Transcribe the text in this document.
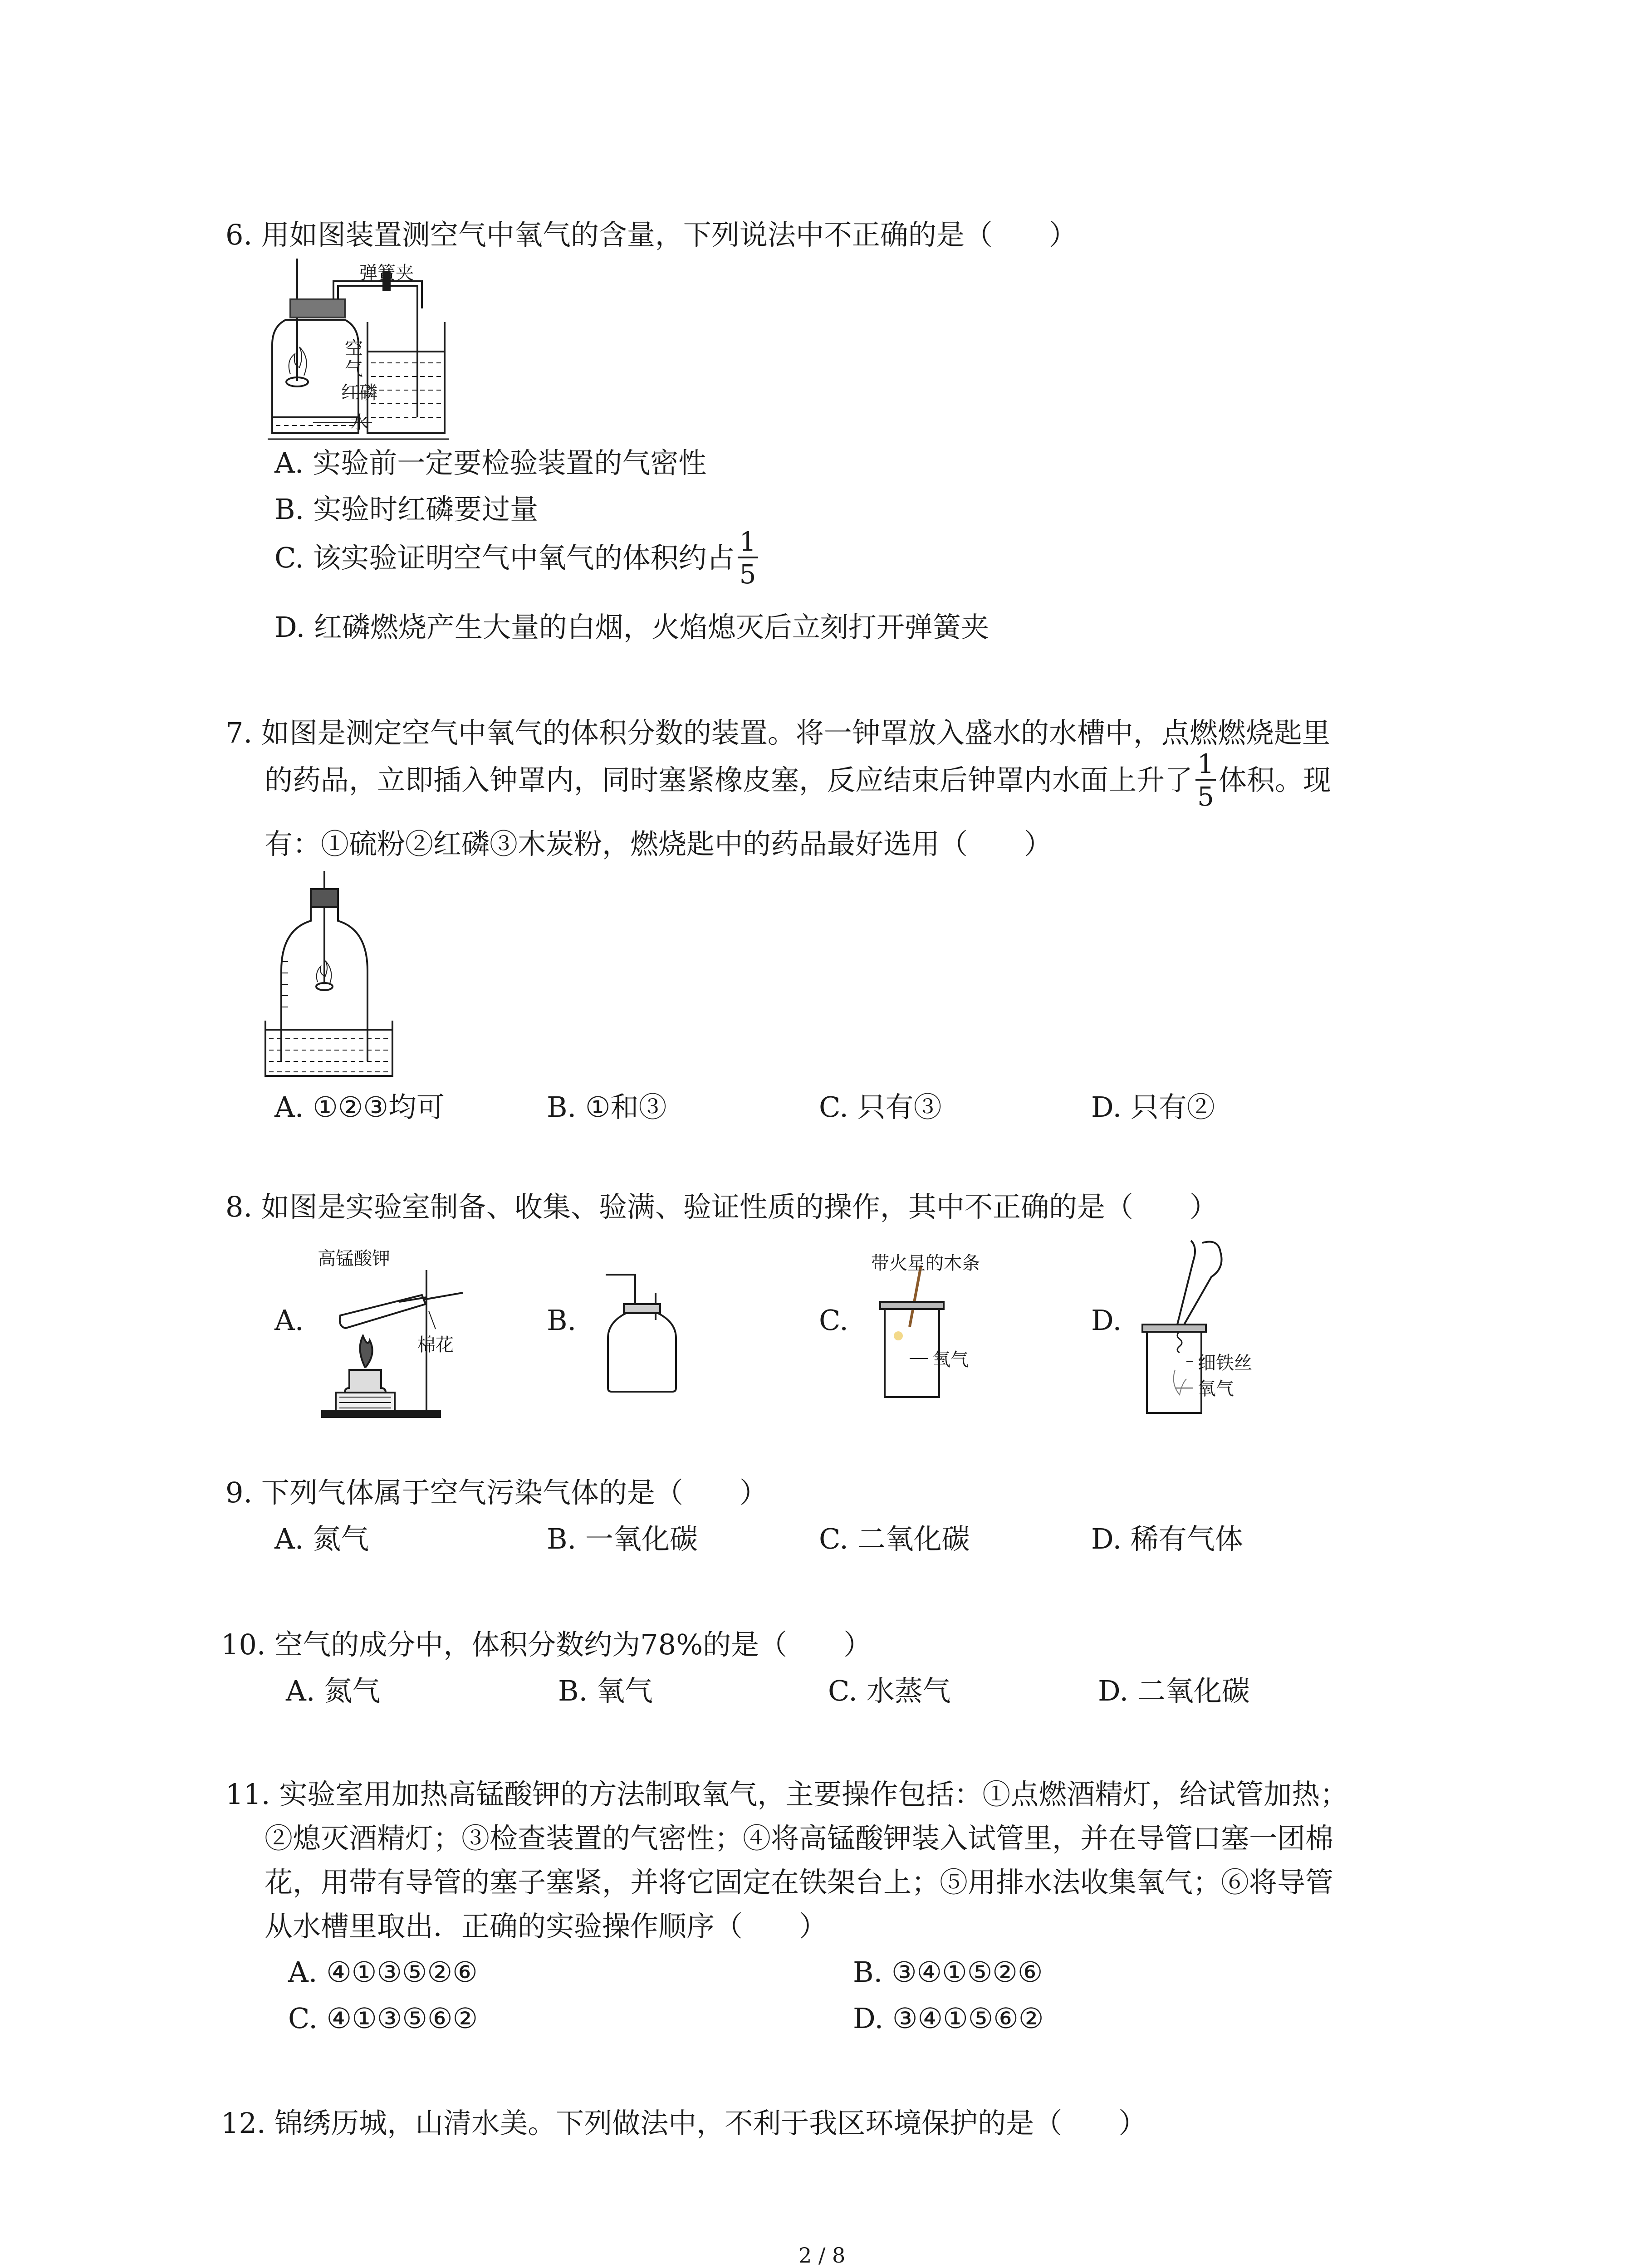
6. 用如图装置测空气中氧气的含量，下列说法中不正确的是（　　）
弹簧夹
空
气
红磷
水
A. 实验前一定要检验装置的气密性
B. 实验时红磷要过量
C. 该实验证明空气中氧气的体积约占 $\frac{1}{5}$
D. 红磷燃烧产生大量的白烟，火焰熄灭后立刻打开弹簧夹
7. 如图是测定空气中氧气的体积分数的装置。将一钟罩放入盛水的水槽中，点燃燃烧匙里
的药品，立即插入钟罩内，同时塞紧橡皮塞，反应结束后钟罩内水面上升了 $\frac{1}{5}$ 体积。现
有：①硫粉②红磷③木炭粉，燃烧匙中的药品最好选用（　　）
A. ①②③均可	B. ①和③	C. 只有③	D. 只有②
8. 如图是实验室制备、收集、验满、验证性质的操作，其中不正确的是（　　）
A.
高锰酸钾
棉花
B.	C.
带火星的木条
氧气
D.
细铁丝
氧气
9. 下列气体属于空气污染气体的是（　　）
A. 氮气	B. 一氧化碳	C. 二氧化碳	D. 稀有气体
10. 空气的成分中，体积分数约为78%的是（　　）
A. 氮气	B. 氧气	C. 水蒸气	D. 二氧化碳
11. 实验室用加热高锰酸钾的方法制取氧气，主要操作包括：①点燃酒精灯，给试管加热；
②熄灭酒精灯；③检查装置的气密性；④将高锰酸钾装入试管里，并在导管口塞一团棉
花，用带有导管的塞子塞紧，并将它固定在铁架台上；⑤用排水法收集氧气；⑥将导管
从水槽里取出．正确的实验操作顺序（　　）
A. ④①③⑤②⑥	B. ③④①⑤②⑥
C. ④①③⑤⑥②	D. ③④①⑤⑥②
12. 锦绣历城，山清水美。下列做法中，不利于我区环境保护的是（　　）
2 / 8
